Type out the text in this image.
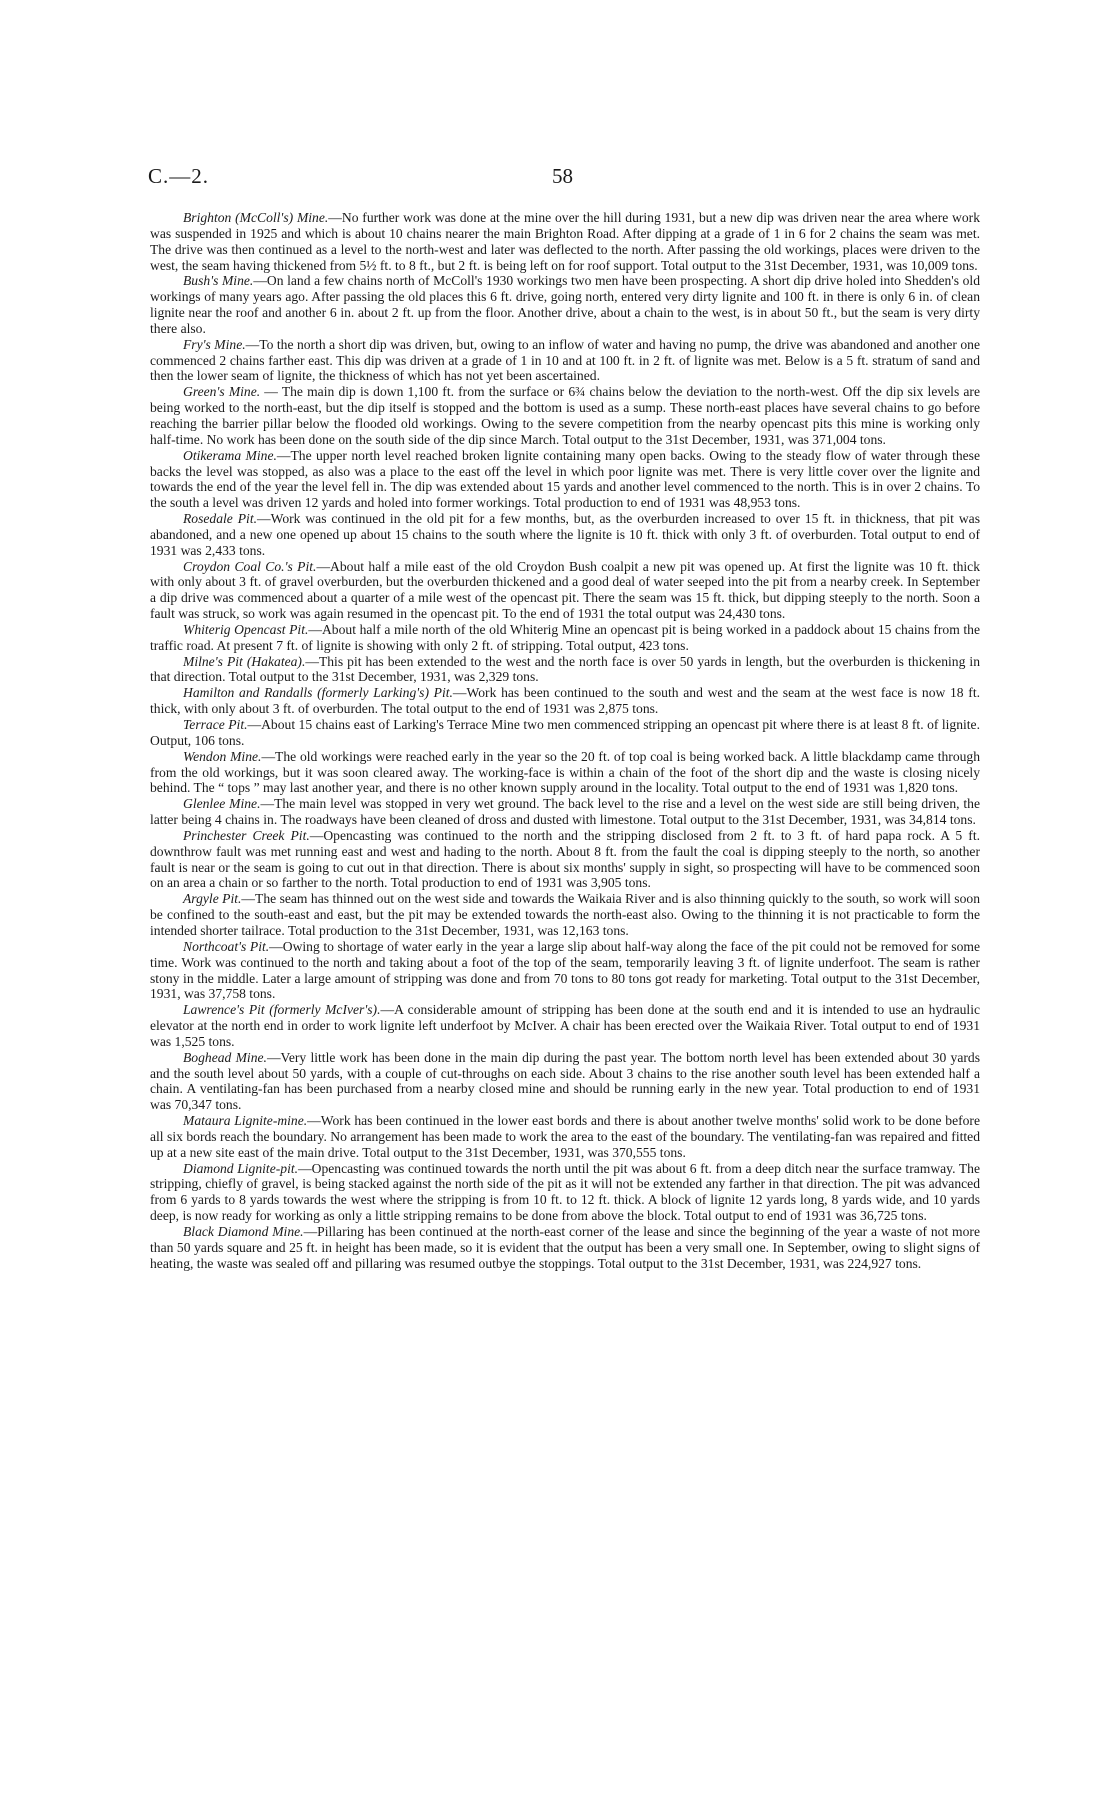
C.—2.	58

Brighton (McColl's) Mine.—No further work was done at the mine over the hill during 1931, but a new dip was driven near the area where work was suspended in 1925 and which is about 10 chains nearer the main Brighton Road. After dipping at a grade of 1 in 6 for 2 chains the seam was met. The drive was then continued as a level to the north-west and later was deflected to the north. After passing the old workings, places were driven to the west, the seam having thickened from 5½ ft. to 8 ft., but 2 ft. is being left on for roof support. Total output to the 31st December, 1931, was 10,009 tons.

Bush's Mine.—On land a few chains north of McColl's 1930 workings two men have been prospecting. A short dip drive holed into Shedden's old workings of many years ago. After passing the old places this 6 ft. drive, going north, entered very dirty lignite and 100 ft. in there is only 6 in. of clean lignite near the roof and another 6 in. about 2 ft. up from the floor. Another drive, about a chain to the west, is in about 50 ft., but the seam is very dirty there also.

Fry's Mine.—To the north a short dip was driven, but, owing to an inflow of water and having no pump, the drive was abandoned and another one commenced 2 chains farther east. This dip was driven at a grade of 1 in 10 and at 100 ft. in 2 ft. of lignite was met. Below is a 5 ft. stratum of sand and then the lower seam of lignite, the thickness of which has not yet been ascertained.

Green's Mine. — The main dip is down 1,100 ft. from the surface or 6¾ chains below the deviation to the north-west. Off the dip six levels are being worked to the north-east, but the dip itself is stopped and the bottom is used as a sump. These north-east places have several chains to go before reaching the barrier pillar below the flooded old workings. Owing to the severe competition from the nearby opencast pits this mine is working only half-time. No work has been done on the south side of the dip since March. Total output to the 31st December, 1931, was 371,004 tons.

Otikerama Mine.—The upper north level reached broken lignite containing many open backs. Owing to the steady flow of water through these backs the level was stopped, as also was a place to the east off the level in which poor lignite was met. There is very little cover over the lignite and towards the end of the year the level fell in. The dip was extended about 15 yards and another level commenced to the north. This is in over 2 chains. To the south a level was driven 12 yards and holed into former workings. Total production to end of 1931 was 48,953 tons.

Rosedale Pit.—Work was continued in the old pit for a few months, but, as the overburden increased to over 15 ft. in thickness, that pit was abandoned, and a new one opened up about 15 chains to the south where the lignite is 10 ft. thick with only 3 ft. of overburden. Total output to end of 1931 was 2,433 tons.

Croydon Coal Co.'s Pit.—About half a mile east of the old Croydon Bush coalpit a new pit was opened up. At first the lignite was 10 ft. thick with only about 3 ft. of gravel overburden, but the overburden thickened and a good deal of water seeped into the pit from a nearby creek. In September a dip drive was commenced about a quarter of a mile west of the opencast pit. There the seam was 15 ft. thick, but dipping steeply to the north. Soon a fault was struck, so work was again resumed in the opencast pit. To the end of 1931 the total output was 24,430 tons.

Whiterig Opencast Pit.—About half a mile north of the old Whiterig Mine an opencast pit is being worked in a paddock about 15 chains from the traffic road. At present 7 ft. of lignite is showing with only 2 ft. of stripping. Total output, 423 tons.

Milne's Pit (Hakatea).—This pit has been extended to the west and the north face is over 50 yards in length, but the overburden is thickening in that direction. Total output to the 31st December, 1931, was 2,329 tons.

Hamilton and Randalls (formerly Larking's) Pit.—Work has been continued to the south and west and the seam at the west face is now 18 ft. thick, with only about 3 ft. of overburden. The total output to the end of 1931 was 2,875 tons.

Terrace Pit.—About 15 chains east of Larking's Terrace Mine two men commenced stripping an opencast pit where there is at least 8 ft. of lignite. Output, 106 tons.

Wendon Mine.—The old workings were reached early in the year so the 20 ft. of top coal is being worked back. A little blackdamp came through from the old workings, but it was soon cleared away. The working-face is within a chain of the foot of the short dip and the waste is closing nicely behind. The “ tops ” may last another year, and there is no other known supply around in the locality. Total output to the end of 1931 was 1,820 tons.

Glenlee Mine.—The main level was stopped in very wet ground. The back level to the rise and a level on the west side are still being driven, the latter being 4 chains in. The roadways have been cleaned of dross and dusted with limestone. Total output to the 31st December, 1931, was 34,814 tons.

Princhester Creek Pit.—Opencasting was continued to the north and the stripping disclosed from 2 ft. to 3 ft. of hard papa rock. A 5 ft. downthrow fault was met running east and west and hading to the north. About 8 ft. from the fault the coal is dipping steeply to the north, so another fault is near or the seam is going to cut out in that direction. There is about six months' supply in sight, so prospecting will have to be commenced soon on an area a chain or so farther to the north. Total production to end of 1931 was 3,905 tons.

Argyle Pit.—The seam has thinned out on the west side and towards the Waikaia River and is also thinning quickly to the south, so work will soon be confined to the south-east and east, but the pit may be extended towards the north-east also. Owing to the thinning it is not practicable to form the intended shorter tailrace. Total production to the 31st December, 1931, was 12,163 tons.

Northcoat's Pit.—Owing to shortage of water early in the year a large slip about half-way along the face of the pit could not be removed for some time. Work was continued to the north and taking about a foot of the top of the seam, temporarily leaving 3 ft. of lignite underfoot. The seam is rather stony in the middle. Later a large amount of stripping was done and from 70 tons to 80 tons got ready for marketing. Total output to the 31st December, 1931, was 37,758 tons.

Lawrence's Pit (formerly McIver's).—A considerable amount of stripping has been done at the south end and it is intended to use an hydraulic elevator at the north end in order to work lignite left underfoot by McIver. A chair has been erected over the Waikaia River. Total output to end of 1931 was 1,525 tons.

Boghead Mine.—Very little work has been done in the main dip during the past year. The bottom north level has been extended about 30 yards and the south level about 50 yards, with a couple of cut-throughs on each side. About 3 chains to the rise another south level has been extended half a chain. A ventilating-fan has been purchased from a nearby closed mine and should be running early in the new year. Total production to end of 1931 was 70,347 tons.

Mataura Lignite-mine.—Work has been continued in the lower east bords and there is about another twelve months' solid work to be done before all six bords reach the boundary. No arrangement has been made to work the area to the east of the boundary. The ventilating-fan was repaired and fitted up at a new site east of the main drive. Total output to the 31st December, 1931, was 370,555 tons.

Diamond Lignite-pit.—Opencasting was continued towards the north until the pit was about 6 ft. from a deep ditch near the surface tramway. The stripping, chiefly of gravel, is being stacked against the north side of the pit as it will not be extended any farther in that direction. The pit was advanced from 6 yards to 8 yards towards the west where the stripping is from 10 ft. to 12 ft. thick. A block of lignite 12 yards long, 8 yards wide, and 10 yards deep, is now ready for working as only a little stripping remains to be done from above the block. Total output to end of 1931 was 36,725 tons.

Black Diamond Mine.—Pillaring has been continued at the north-east corner of the lease and since the beginning of the year a waste of not more than 50 yards square and 25 ft. in height has been made, so it is evident that the output has been a very small one. In September, owing to slight signs of heating, the waste was sealed off and pillaring was resumed outbye the stoppings. Total output to the 31st December, 1931, was 224,927 tons.
